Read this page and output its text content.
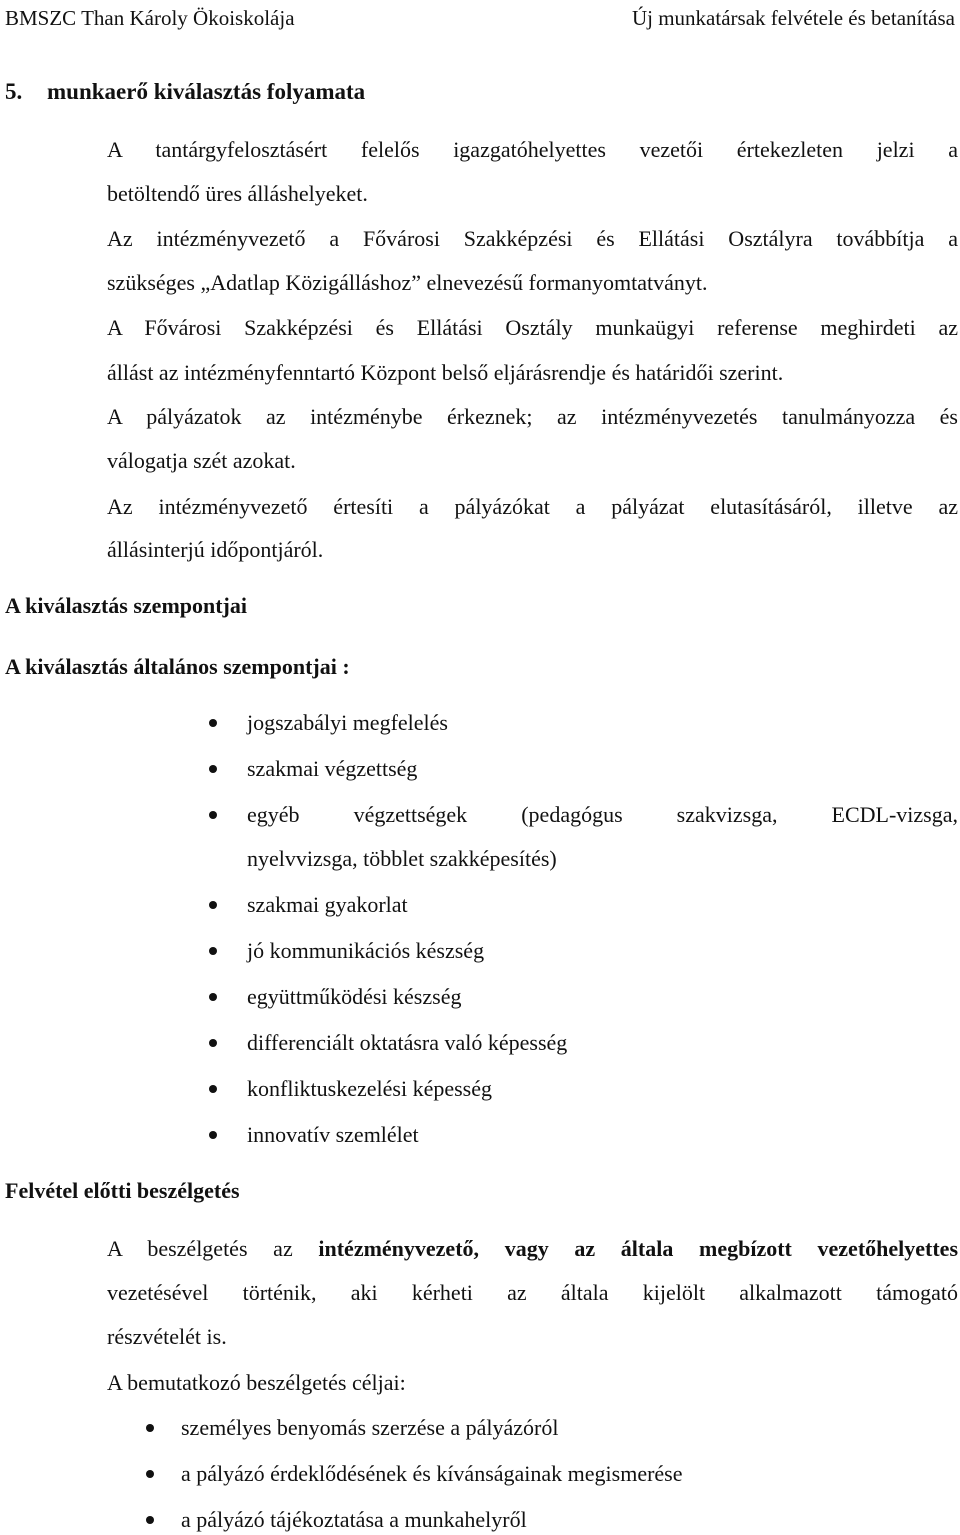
BMSZC Than Károly Ökoiskolája	Új munkatársak felvétele és betanítása
5. munkaerő kiválasztás folyamata
A tantárgyfelosztásért felelős igazgatóhelyettes vezetői értekezleten jelzi a
betöltendő üres álláshelyeket.
Az intézményvezető a Fővárosi Szakképzési és Ellátási Osztályra továbbítja a
szükséges „Adatlap Közigálláshoz” elnevezésű formanyomtatványt.
A Fővárosi Szakképzési és Ellátási Osztály munkaügyi referense meghirdeti az
állást az intézményfenntartó Központ belső eljárásrendje és határidői szerint.
A pályázatok az intézménybe érkeznek; az intézményvezetés tanulmányozza és
válogatja szét azokat.
Az intézményvezető értesíti a pályázókat a pályázat elutasításáról, illetve az
állásinterjú időpontjáról.
A kiválasztás szempontjai
A kiválasztás általános szempontjai :
jogszabályi megfelelés
szakmai végzettség
egyéb végzettségek (pedagógus szakvizsga, ECDL-vizsga,
nyelvvizsga, többlet szakképesítés)
szakmai gyakorlat
jó kommunikációs készség
együttműködési készség
differenciált oktatásra való képesség
konfliktuskezelési képesség
innovatív szemlélet
Felvétel előtti beszélgetés
A beszélgetés az intézményvezető, vagy az általa megbízott vezetőhelyettes
vezetésével történik, aki kérheti az általa kijelölt alkalmazott támogató
részvételét is.
A bemutatkozó beszélgetés céljai:
személyes benyomás szerzése a pályázóról
a pályázó érdeklődésének és kívánságainak megismerése
a pályázó tájékoztatása a munkahelyről
